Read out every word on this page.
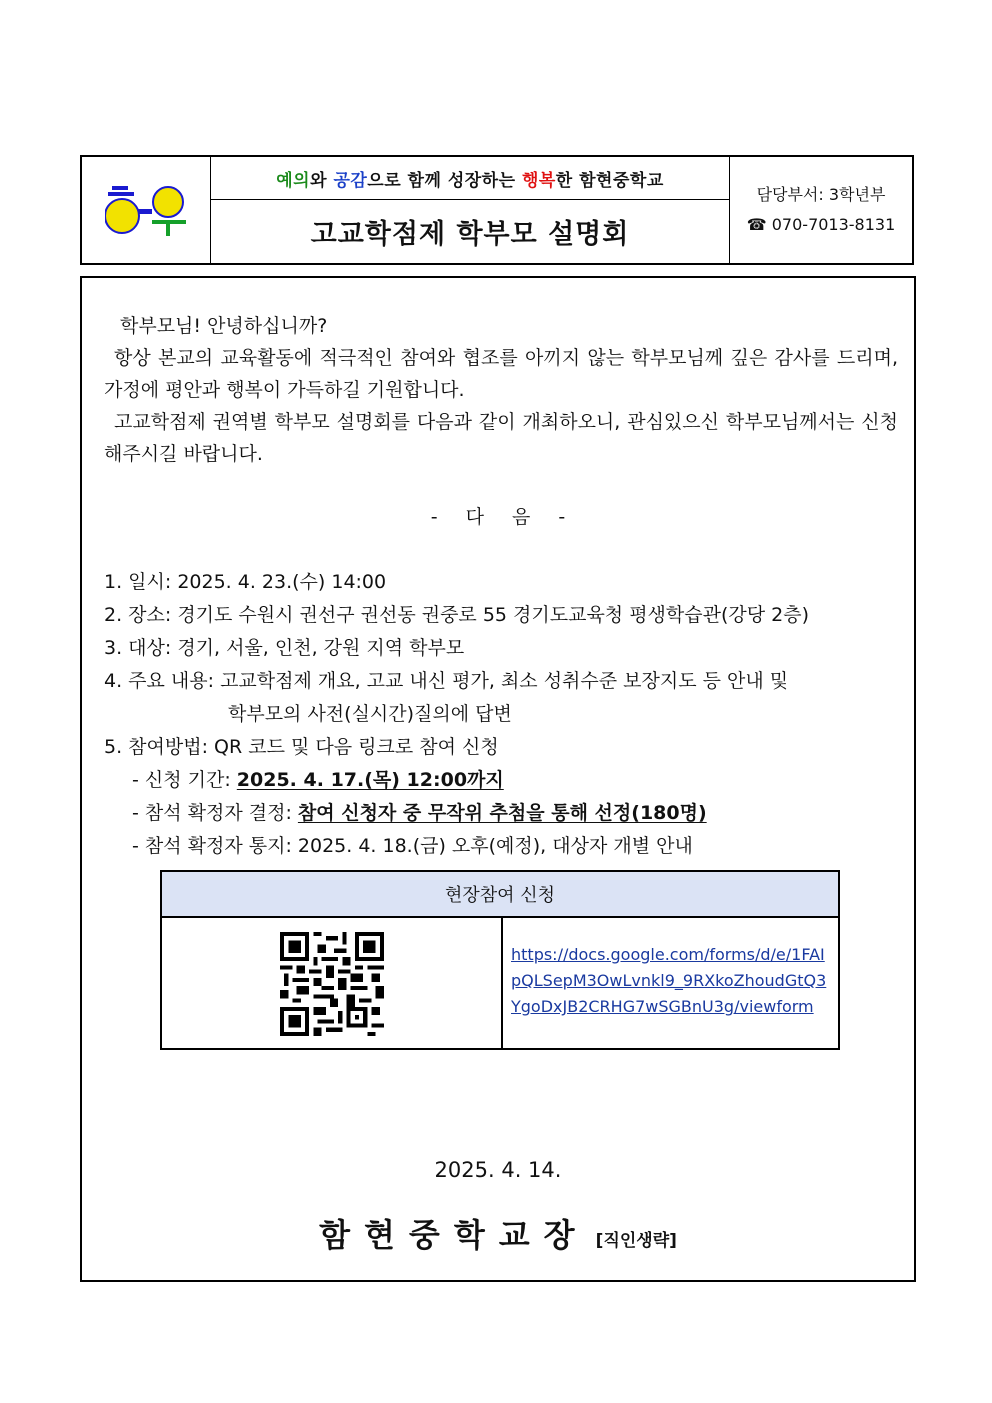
예의 와 공감 으로 함께 성장하는 행복 한 함현중학교
고교학점제 학부모 설명회
담당부서: 3학년부
☎ 070-7013-8131
학부모님! 안녕하십니까?
항상 본교의 교육활동에 적극적인 참여와 협조를 아끼지 않는 학부모님께 깊은 감사를 드리며, 가정에 평안과 행복이 가득하길 기원합니다.
고교학점제 권역별 학부모 설명회를 다음과 같이 개최하오니, 관심있으신 학부모님께서는 신청해주시길 바랍니다.
- 다 음 -
1. 일시: 2025. 4. 23.(수) 14:00
2. 장소: 경기도 수원시 권선구 권선동 권중로 55 경기도교육청 평생학습관(강당 2층)
3. 대상: 경기, 서울, 인천, 강원 지역 학부모
4. 주요 내용: 고교학점제 개요, 고교 내신 평가, 최소 성취수준 보장지도 등 안내 및
학부모의 사전(실시간)질의에 답변
5. 참여방법: QR 코드 및 다음 링크로 참여 신청
- 신청 기간: 2025. 4. 17.(목) 12:00까지
- 참석 확정자 결정: 참여 신청자 중 무작위 추첨을 통해 선정(180명)
- 참석 확정자 통지: 2025. 4. 18.(금) 오후(예정), 대상자 개별 안내
현장참여 신청
https://docs.google.com/forms/d/e/1FAIpQLSepM3OwLvnkl9_9RXkoZhoudGtQ3YgoDxJB2CRHG7wSGBnU3g/viewform
2025. 4. 14.
함현중학교장 [직인생략]
